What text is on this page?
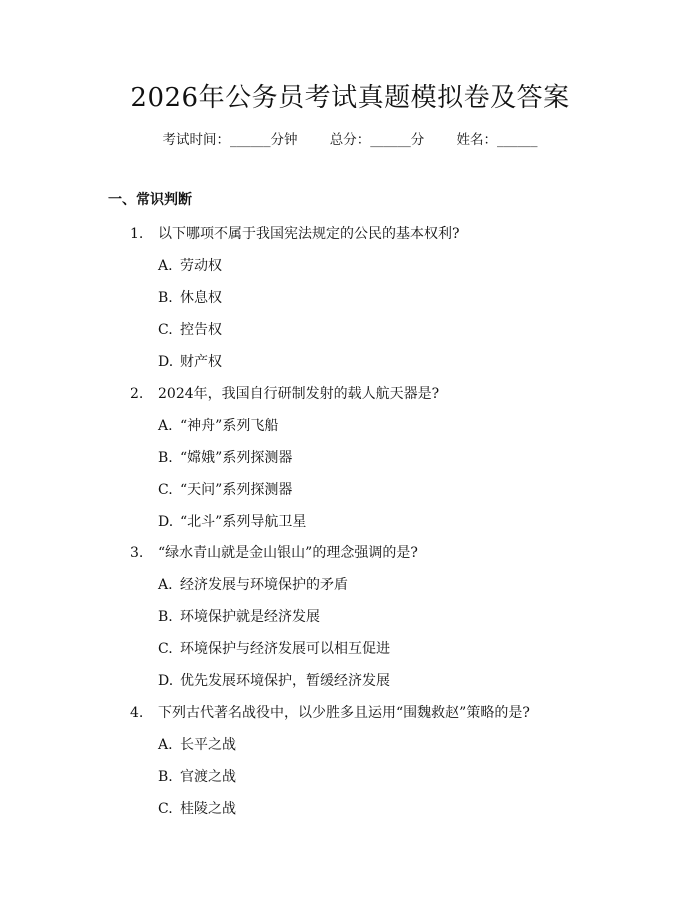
2026年公务员考试真题模拟卷及答案
考试时间：______分钟 总分：______分 姓名：______
一、常识判断
1. 以下哪项不属于我国宪法规定的公民的基本权利?
A. 劳动权
B. 休息权
C. 控告权
D. 财产权
2. 2024年，我国自行研制发射的载人航天器是?
A. “神舟”系列飞船
B. “嫦娥”系列探测器
C. “天问”系列探测器
D. “北斗”系列导航卫星
3. “绿水青山就是金山银山”的理念强调的是?
A. 经济发展与环境保护的矛盾
B. 环境保护就是经济发展
C. 环境保护与经济发展可以相互促进
D. 优先发展环境保护，暂缓经济发展
4. 下列古代著名战役中，以少胜多且运用“围魏救赵”策略的是?
A. 长平之战
B. 官渡之战
C. 桂陵之战
